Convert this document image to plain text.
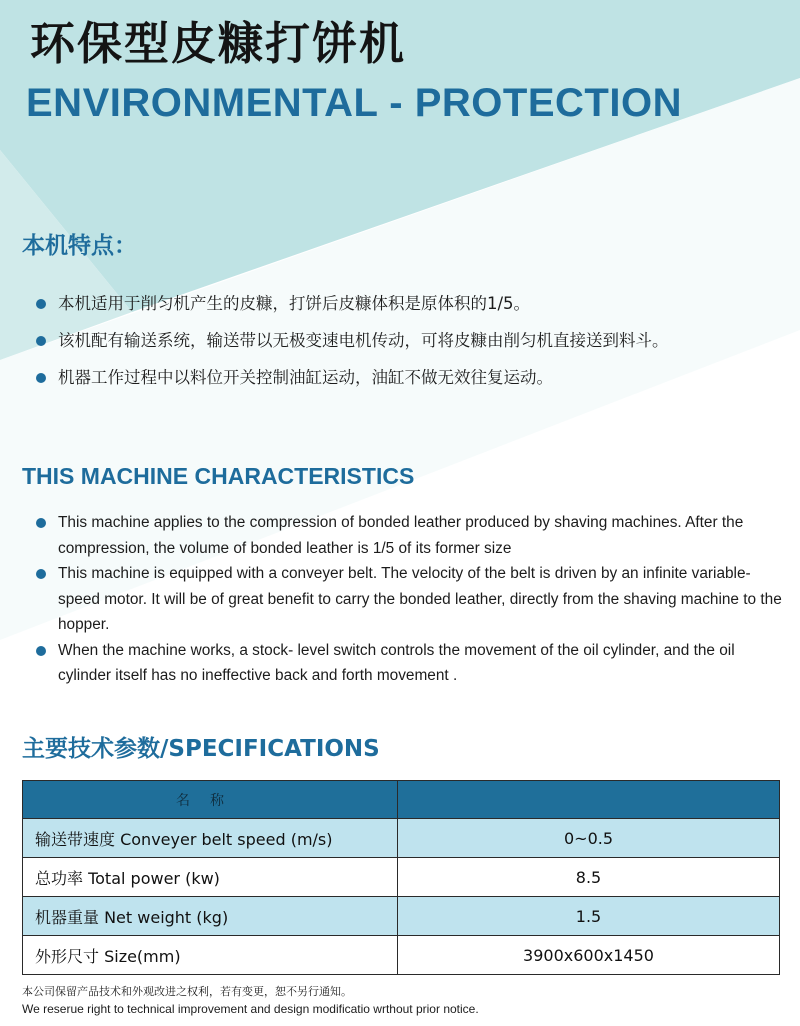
环保型皮糠打饼机
ENVIRONMENTAL - PROTECTION
本机特点：
本机适用于削匀机产生的皮糠，打饼后皮糠体积是原体积的1/5。
该机配有输送系统，输送带以无极变速电机传动，可将皮糠由削匀机直接送到料斗。
机器工作过程中以料位开关控制油缸运动，油缸不做无效往复运动。
THIS MACHINE CHARACTERISTICS
This machine applies to the compression of bonded leather produced by shaving machines. After the compression, the volume of bonded leather is 1/5 of its former size
This machine is equipped with a conveyer belt. The velocity of the belt is driven by an infinite variable-speed motor. It will be of great benefit to carry the bonded leather, directly from the shaving machine to the hopper.
When the machine works, a stock- level switch controls the movement of the oil cylinder, and the oil cylinder itself has no ineffective back and forth movement .
主要技术参数/SPECIFICATIONS
名称	
输送带速度 Conveyer belt speed (m/s)	0~0.5
总功率 Total power (kw)	8.5
机器重量 Net weight (kg)	1.5
外形尺寸 Size(mm)	3900x600x1450
本公司保留产品技术和外观改进之权利，若有变更，恕不另行通知。
We reserue right to technical improvement and design modificatio wrthout prior notice.
